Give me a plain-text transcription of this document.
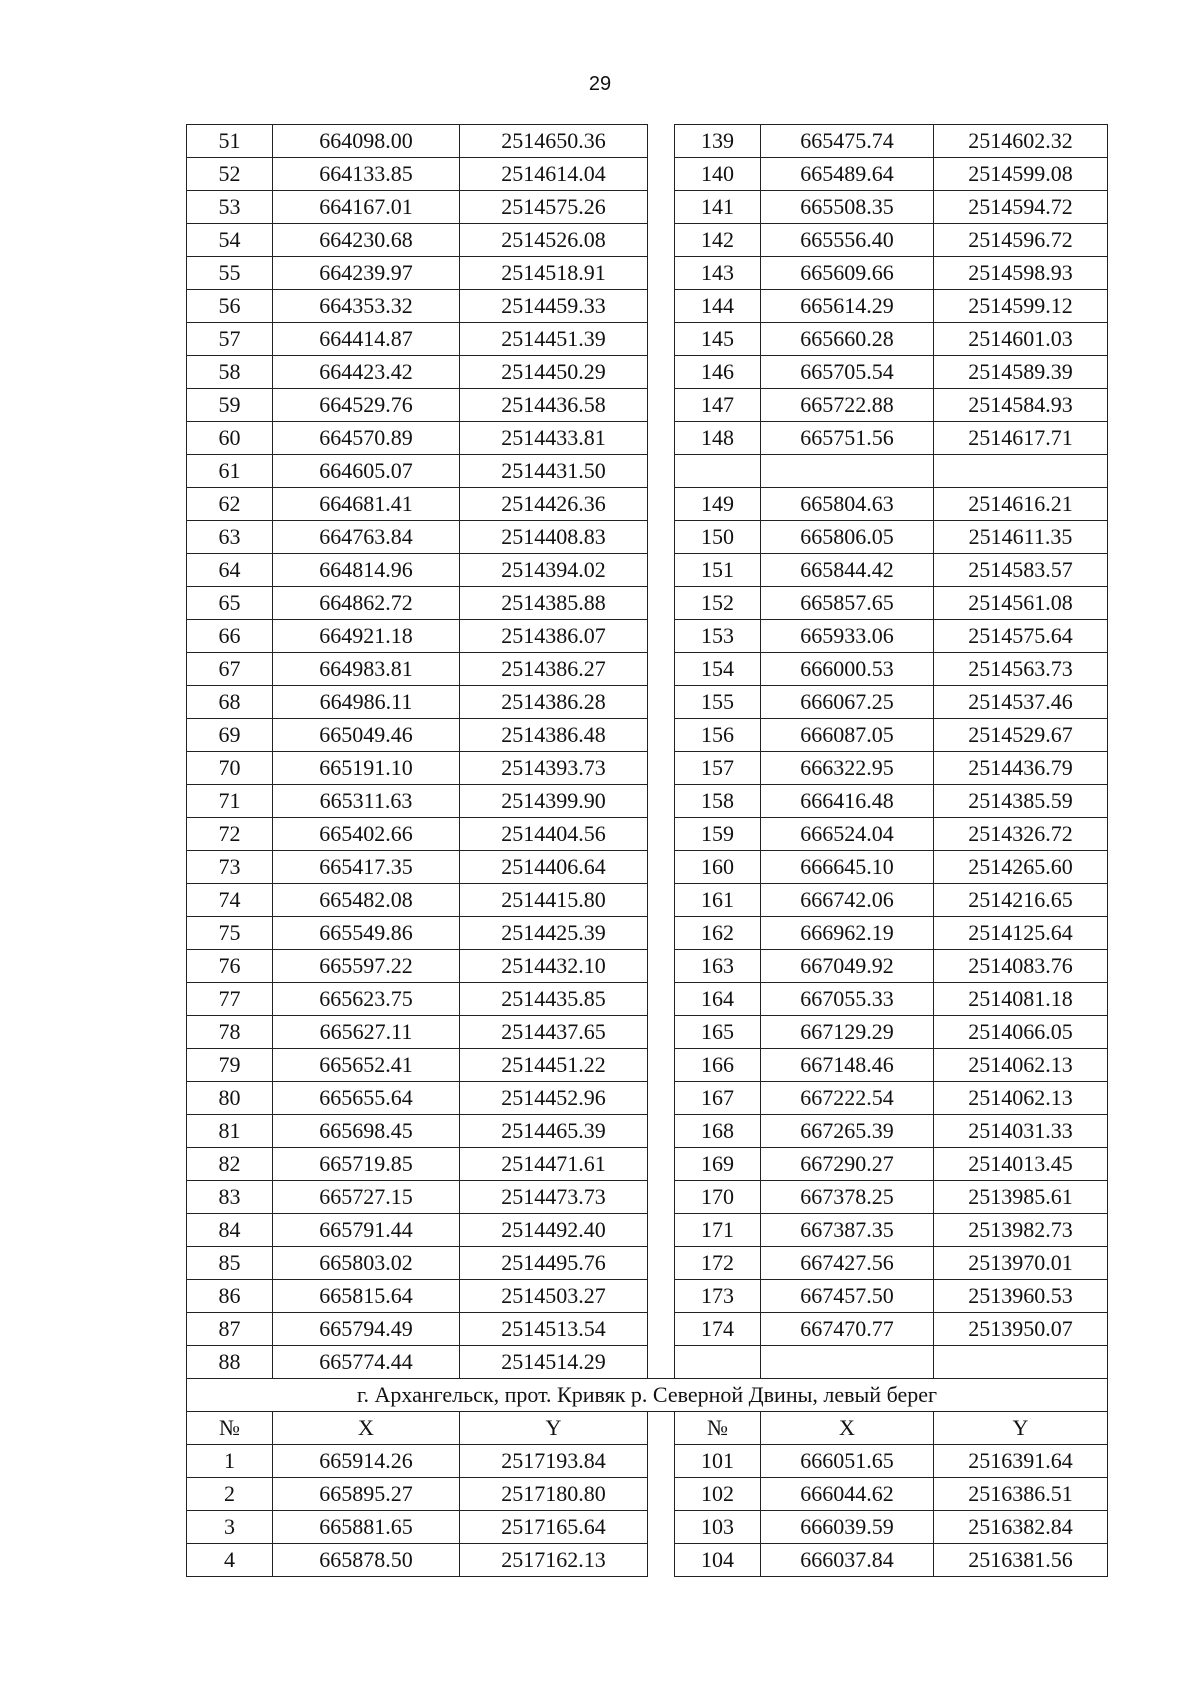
29
51	664098.00	2514650.36		139	665475.74	2514602.32
52	664133.85	2514614.04		140	665489.64	2514599.08
53	664167.01	2514575.26		141	665508.35	2514594.72
54	664230.68	2514526.08		142	665556.40	2514596.72
55	664239.97	2514518.91		143	665609.66	2514598.93
56	664353.32	2514459.33		144	665614.29	2514599.12
57	664414.87	2514451.39		145	665660.28	2514601.03
58	664423.42	2514450.29		146	665705.54	2514589.39
59	664529.76	2514436.58		147	665722.88	2514584.93
60	664570.89	2514433.81		148	665751.56	2514617.71
61	664605.07	2514431.50				
62	664681.41	2514426.36		149	665804.63	2514616.21
63	664763.84	2514408.83		150	665806.05	2514611.35
64	664814.96	2514394.02		151	665844.42	2514583.57
65	664862.72	2514385.88		152	665857.65	2514561.08
66	664921.18	2514386.07		153	665933.06	2514575.64
67	664983.81	2514386.27		154	666000.53	2514563.73
68	664986.11	2514386.28		155	666067.25	2514537.46
69	665049.46	2514386.48		156	666087.05	2514529.67
70	665191.10	2514393.73		157	666322.95	2514436.79
71	665311.63	2514399.90		158	666416.48	2514385.59
72	665402.66	2514404.56		159	666524.04	2514326.72
73	665417.35	2514406.64		160	666645.10	2514265.60
74	665482.08	2514415.80		161	666742.06	2514216.65
75	665549.86	2514425.39		162	666962.19	2514125.64
76	665597.22	2514432.10		163	667049.92	2514083.76
77	665623.75	2514435.85		164	667055.33	2514081.18
78	665627.11	2514437.65		165	667129.29	2514066.05
79	665652.41	2514451.22		166	667148.46	2514062.13
80	665655.64	2514452.96		167	667222.54	2514062.13
81	665698.45	2514465.39		168	667265.39	2514031.33
82	665719.85	2514471.61		169	667290.27	2514013.45
83	665727.15	2514473.73		170	667378.25	2513985.61
84	665791.44	2514492.40		171	667387.35	2513982.73
85	665803.02	2514495.76		172	667427.56	2513970.01
86	665815.64	2514503.27		173	667457.50	2513960.53
87	665794.49	2514513.54		174	667470.77	2513950.07
88	665774.44	2514514.29				
г. Архангельск, прот. Кривяк р. Северной Двины, левый берег						
№	X	Y		№	X	Y
1	665914.26	2517193.84		101	666051.65	2516391.64
2	665895.27	2517180.80		102	666044.62	2516386.51
3	665881.65	2517165.64		103	666039.59	2516382.84
4	665878.50	2517162.13		104	666037.84	2516381.56
